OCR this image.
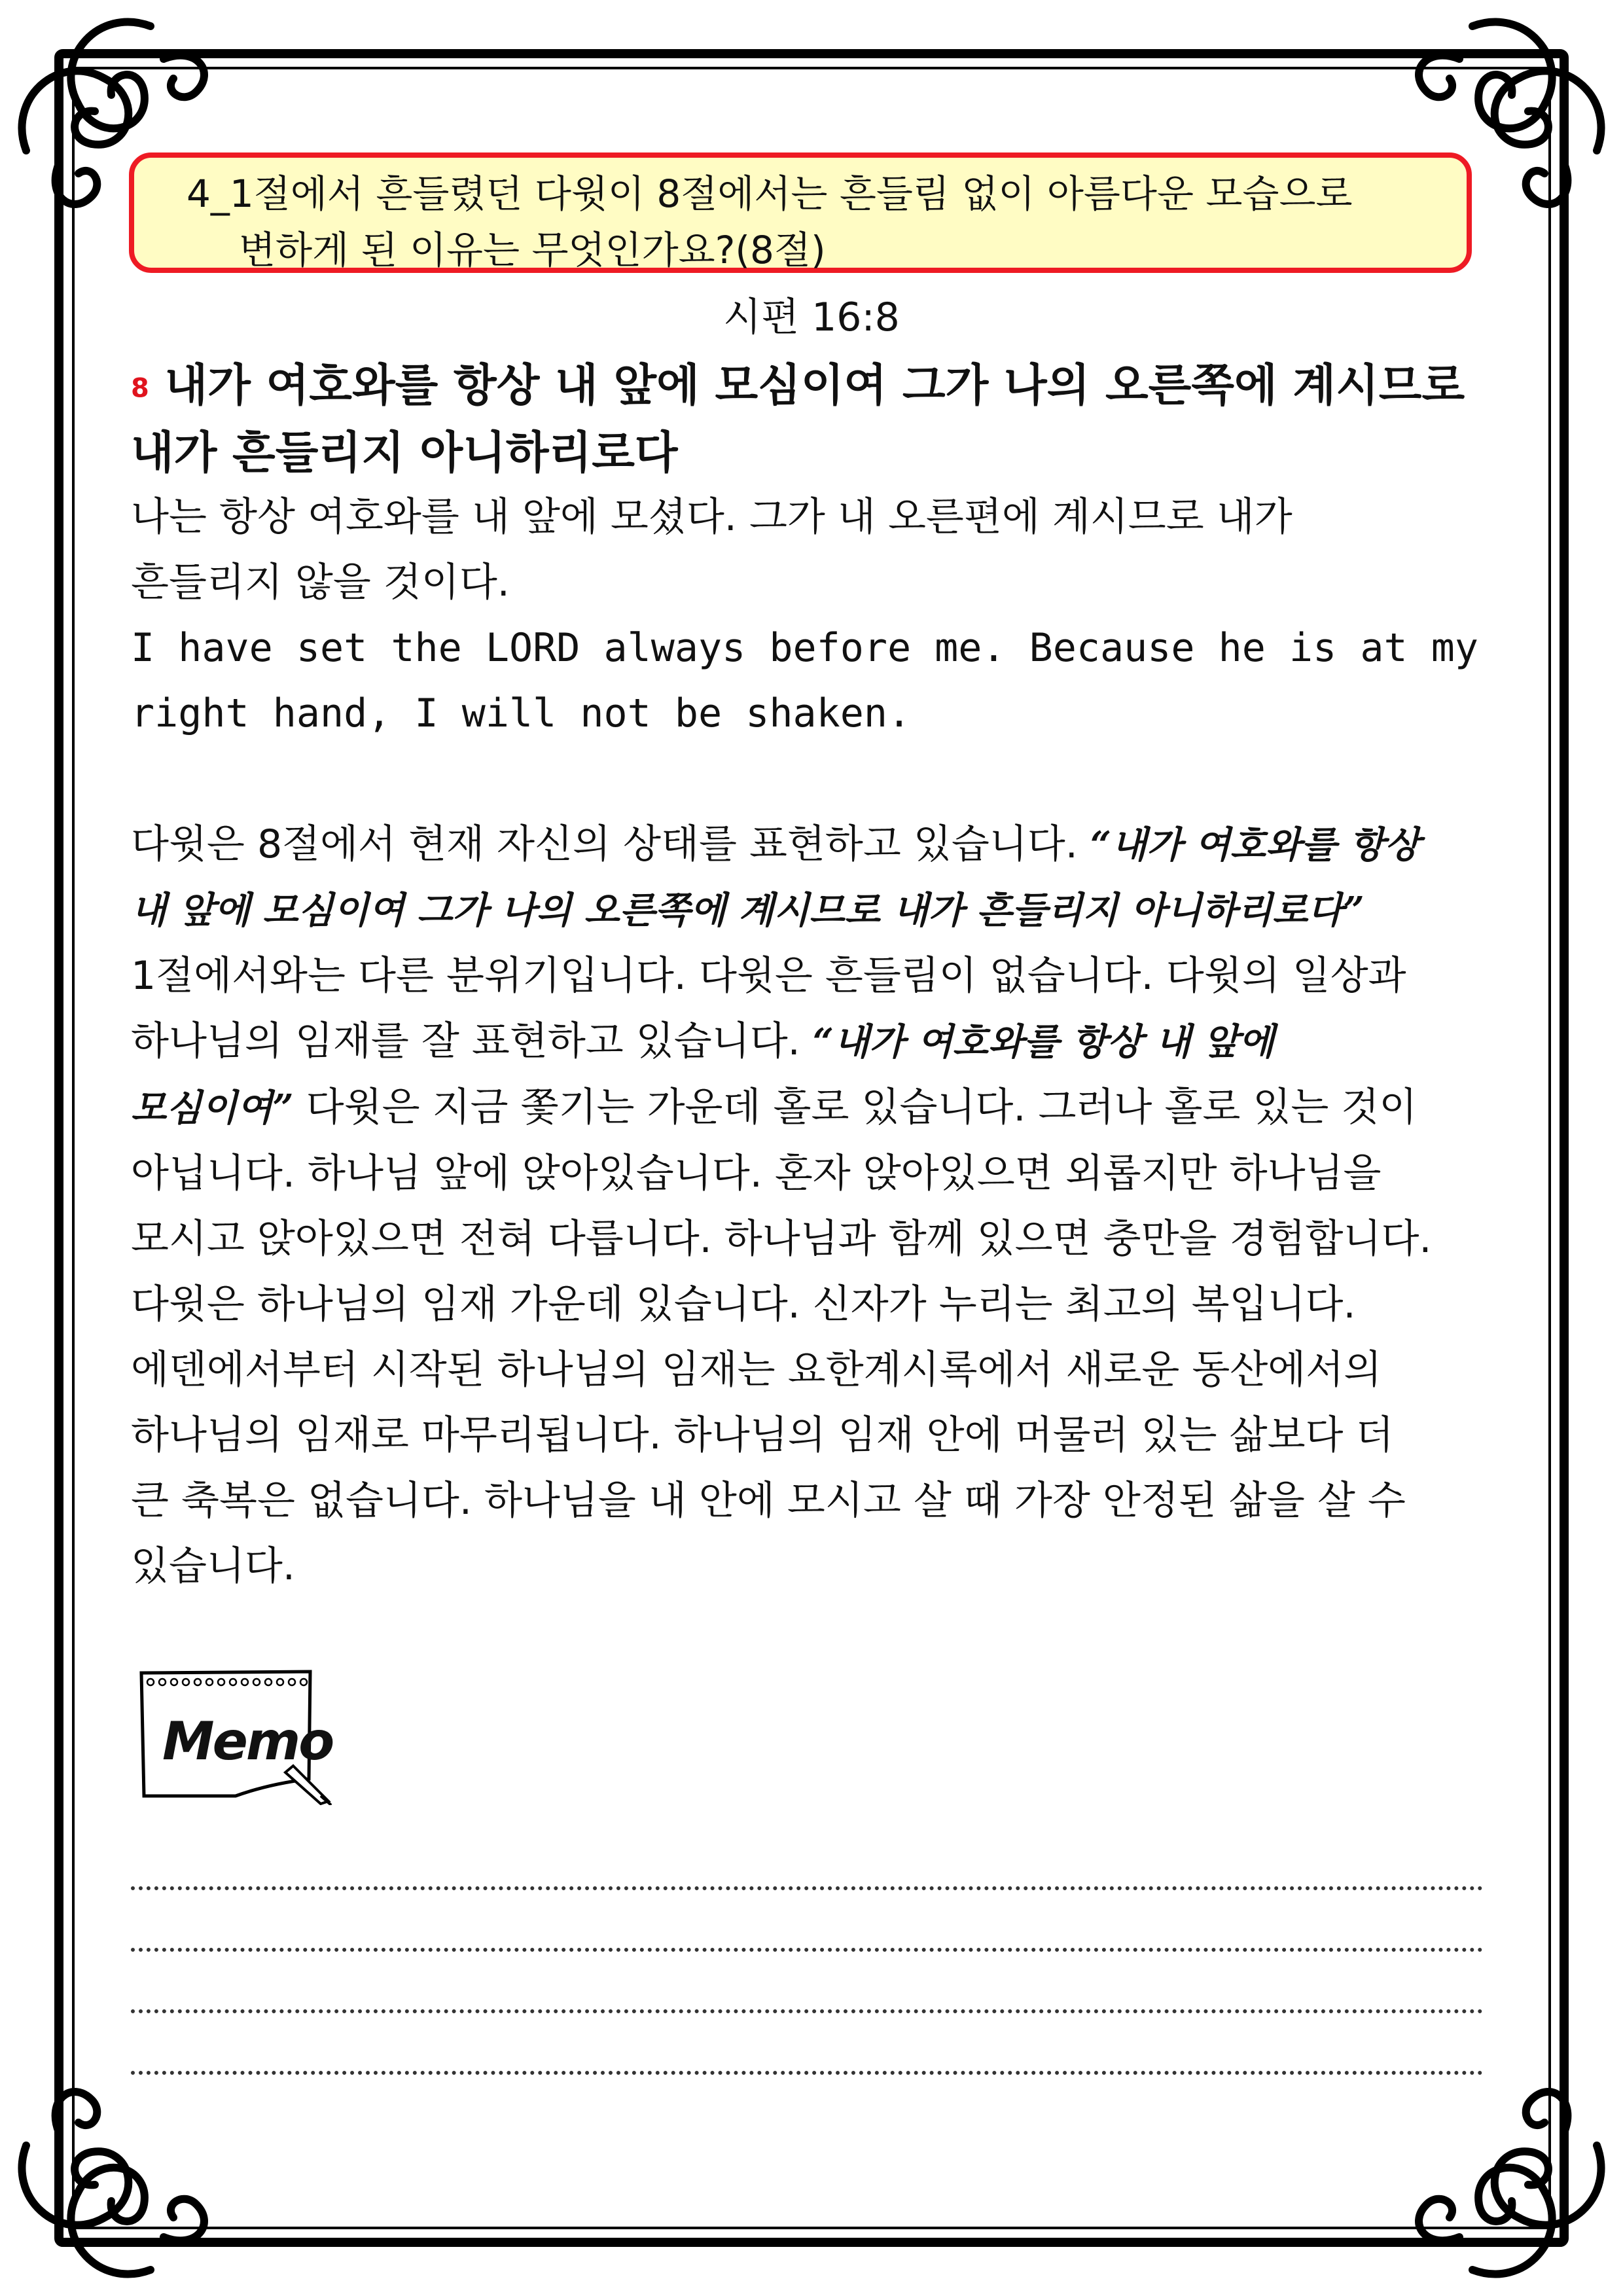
4_1절에서 흔들렸던 다윗이 8절에서는 흔들림 없이 아름다운 모습으로
변하게 된 이유는 무엇인가요?(8절)
시편 16:8
8 내가 여호와를 항상 내 앞에 모심이여 그가 나의 오른쪽에 계시므로
내가 흔들리지 아니하리로다
나는 항상 여호와를 내 앞에 모셨다. 그가 내 오른편에 계시므로 내가
흔들리지 않을 것이다.
I have set the LORD always before me. Because he is at my
right hand, I will not be shaken.
다윗은 8절에서 현재 자신의 상태를 표현하고 있습니다. “내가 여호와를 항상
내 앞에 모심이여 그가 나의 오른쪽에 계시므로 내가 흔들리지 아니하리로다”
1절에서와는 다른 분위기입니다. 다윗은 흔들림이 없습니다. 다윗의 일상과
하나님의 임재를 잘 표현하고 있습니다. “내가 여호와를 항상 내 앞에
모심이여” 다윗은 지금 쫓기는 가운데 홀로 있습니다. 그러나 홀로 있는 것이
아닙니다. 하나님 앞에 앉아있습니다. 혼자 앉아있으면 외롭지만 하나님을
모시고 앉아있으면 전혀 다릅니다. 하나님과 함께 있으면 충만을 경험합니다.
다윗은 하나님의 임재 가운데 있습니다. 신자가 누리는 최고의 복입니다.
에덴에서부터 시작된 하나님의 임재는 요한계시록에서 새로운 동산에서의
하나님의 임재로 마무리됩니다. 하나님의 임재 안에 머물러 있는 삶보다 더
큰 축복은 없습니다. 하나님을 내 안에 모시고 살 때 가장 안정된 삶을 살 수
있습니다.
Memo
